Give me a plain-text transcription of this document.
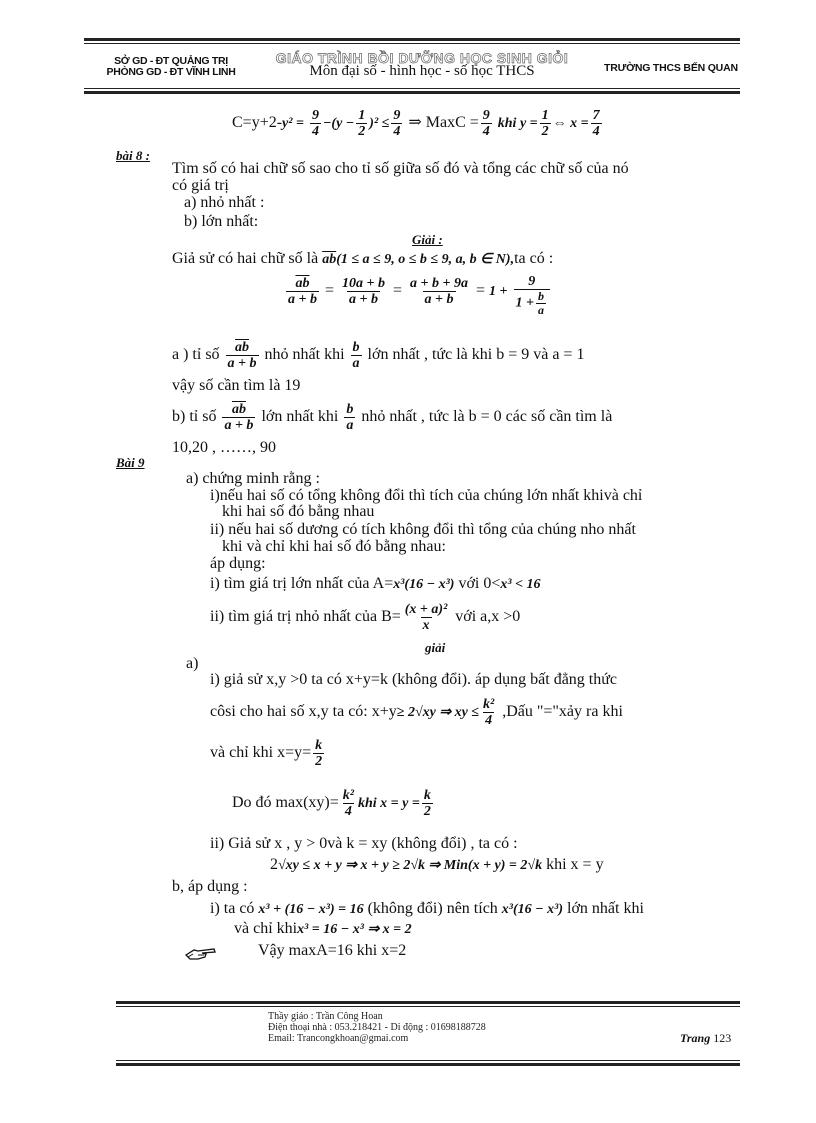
SỞ GD - ĐT QUẢNG TRỊ
PHÒNG GD - ĐT VĨNH LINH
GIÁO TRÌNH BỒI DƯỠNG HỌC SINH GIỎI
Môn đại số - hình học - số học THCS	TRƯỜNG THCS BẾN QUAN
$C=y+2-y^2 = \frac{9}{4} -(y - \frac{1}{2} )^2 \le \frac{9}{4}$ ⇒ MaxC = $\frac{9}{4}$ khi $y = \frac{1}{2}$ ⇔ $x = \frac{7}{4}$
bài 8 :
Tìm số có hai chữ số sao cho tỉ số giữa số đó và tổng các chữ số của nó
có giá trị
a) nhỏ nhất :
b) lớn nhất:
Giải :
Giả sử có hai chữ số là $\overline{ab}(1 \le a \le 9$, o ≤ b ≤ 9, a, b ∈ N),ta có :
$\frac{\overline{ab}}{a + b} = \frac{10a + b}{a + b} = \frac{a + b + 9a}{a + b} = 1 + \frac{9}{1 + \frac{b}{a}}$
a ) tỉ số $\frac{\overline{ab}}{a + b}$ nhỏ nhất khi $\frac{b}{a}$ lớn nhất , tức là khi b = 9 và a = 1
vậy số cần tìm là 19
b) tỉ số $\frac{\overline{ab}}{a + b}$ lớn nhất khi $\frac{b}{a}$ nhỏ nhất , tức là b = 0 các số cần tìm là
10,20 , ……, 90
Bài 9
a) chứng minh rằng :
i)nếu hai số có tổng không đổi thì tích của chúng lớn nhất khivà chỉ
khi hai số đó bằng nhau
ii) nếu hai số dương có tích không đổi thì tổng của chúng nho nhất
khi và chỉ khi hai số đó bằng nhau:
áp dụng:
i) tìm giá trị lớn nhất của A=x³(16 − x³) với 0<x³ < 16
ii) tìm giá trị nhỏ nhất của $B= \frac{\text{(x + a)²}}{x}$ với a,x >0
giải
a)
i) giả sử x,y >0 ta có x+y=k (không đổi). áp dụng bất đẳng thức
côsi cho hai số x,y ta có: x+y≥ 2√xy ⇒ xy ≤ $\frac{\text{k²}}{4}$ ,Dấu "="xảy ra khi
và chỉ khi $x=y= \frac{k}{2}$
Do đó $\max(xy)= \frac{\text{k²}}{4}$ khi $x = y = \frac{k}{2}$
ii) Giả sử x , y > 0và k = xy (không đổi) , ta có :
2√xy ≤ x + y ⇒ x + y ≥ 2√k ⇒ Min(x + y) = 2√k khi x = y
b, áp dụng :
i) ta có x³ + (16 − x³) = 16 (không đổi) nên tích x³(16 − x³) lớn nhất khi
và chỉ khix³ = 16 − x³ ⇒ x = 2
Vậy maxA=16 khi x=2
Thầy giáo : Trần Công Hoan
Điện thoại nhà : 053.218421 - Di động : 01698188728
Email: Trancongkhoan@gmai.com	Trang 123
